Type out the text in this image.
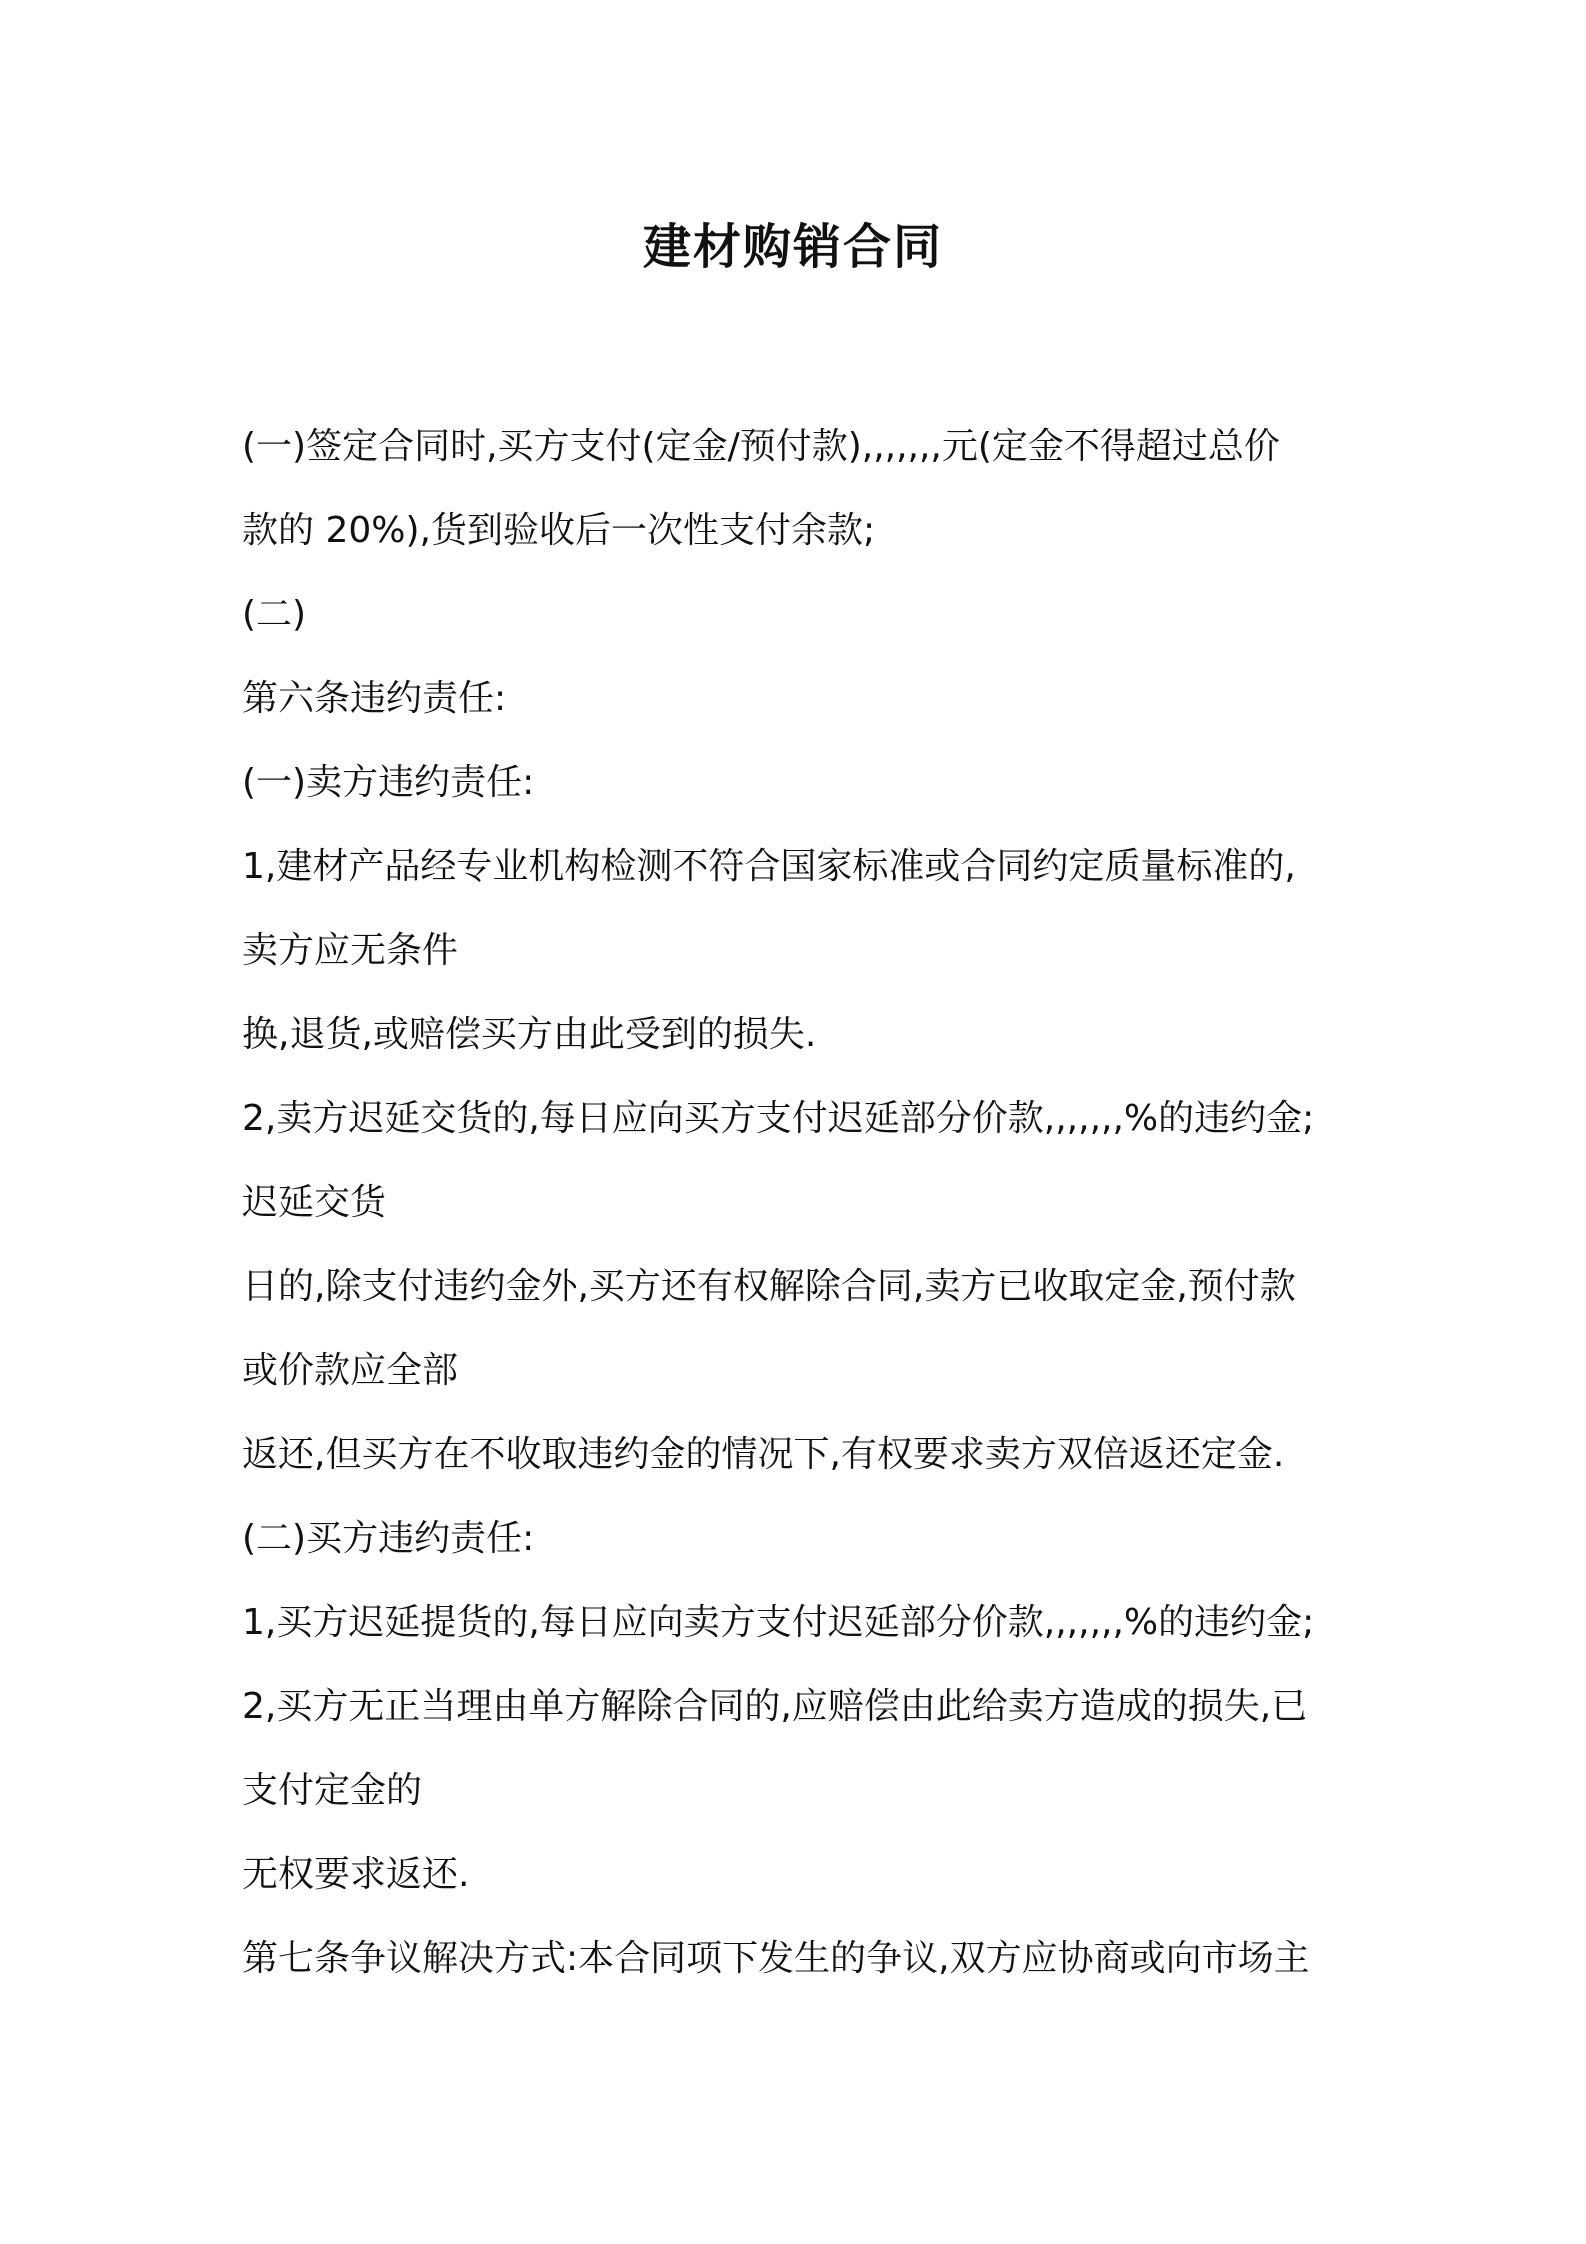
建材购销合同
(一)签定合同时,买方支付(定金/预付款),,,,,,,元(定金不得超过总价
款的 20%),货到验收后一次性支付余款;
(二)
第六条违约责任:
(一)卖方违约责任:
1,建材产品经专业机构检测不符合国家标准或合同约定质量标准的,
卖方应无条件
换,退货,或赔偿买方由此受到的损失.
2,卖方迟延交货的,每日应向买方支付迟延部分价款,,,,,,,%的违约金;
迟延交货
日的,除支付违约金外,买方还有权解除合同,卖方已收取定金,预付款
或价款应全部
返还,但买方在不收取违约金的情况下,有权要求卖方双倍返还定金.
(二)买方违约责任:
1,买方迟延提货的,每日应向卖方支付迟延部分价款,,,,,,,%的违约金;
2,买方无正当理由单方解除合同的,应赔偿由此给卖方造成的损失,已
支付定金的
无权要求返还.
第七条争议解决方式:本合同项下发生的争议,双方应协商或向市场主
